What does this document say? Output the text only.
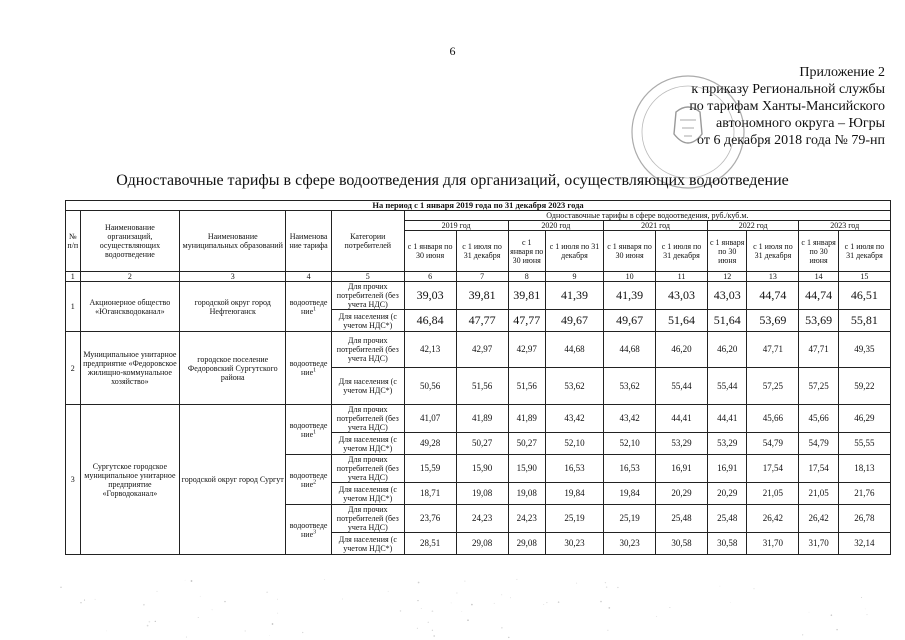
6
Приложение 2
к приказу Региональной службы
по тарифам Ханты-Мансийского
автономного округа – Югры
от 6 декабря 2018 года № 79-нп
Одноставочные тарифы в сфере водоотведения для организаций, осуществляющих водоотведение
На период с 1 января 2019 года по 31 декабря 2023 года														
№ п/п	Наименование организаций, осуществляющих водоотведение	Наименование муниципальных образований	Наименова ние тарифа	Категории потребителей	Одноставочные тарифы в сфере водоотведения, руб./куб.м.									
					2019 год		2020 год		2021 год		2022 год		2023 год	
					с 1 января по 30 июня	с 1 июля по 31 декабря	с 1 января по 30 июня	с 1 июля по 31 декабря	с 1 января по 30 июня	с 1 июля по 31 декабря	с 1 января по 30 июня	с 1 июля по 31 декабря	с 1 января по 30 июня	с 1 июля по 31 декабря
1	2	3	4	5	6	7	8	9	10	11	12	13	14	15
1	Акционерное общество «Юганскводоканал»	городской округ город Нефтеюганск	водоотведе ние$^1$	Для прочих потребителей (без учета НДС)	39,03	39,81	39,81	41,39	41,39	43,03	43,03	44,74	44,74	46,51
				Для населения (с учетом НДС*)	46,84	47,77	47,77	49,67	49,67	51,64	51,64	53,69	53,69	55,81
2	Муниципальное унитарное предприятие «Федоровское жилищно-коммунальное хозяйство»	городское поселение Федоровский Сургутского района	водоотведе ние$^1$	Для прочих потребителей (без учета НДС)	42,13	42,97	42,97	44,68	44,68	46,20	46,20	47,71	47,71	49,35
				Для населения (с учетом НДС*)	50,56	51,56	51,56	53,62	53,62	55,44	55,44	57,25	57,25	59,22
3	Сургутское городское муниципальное унитарное предприятие «Горводоканал»	городской округ город Сургут	водоотведе ние$^1$	Для прочих потребителей (без учета НДС)	41,07	41,89	41,89	43,42	43,42	44,41	44,41	45,66	45,66	46,29
				Для населения (с учетом НДС*)	49,28	50,27	50,27	52,10	52,10	53,29	53,29	54,79	54,79	55,55
			водоотведе ние$^2$	Для прочих потребителей (без учета НДС)	15,59	15,90	15,90	16,53	16,53	16,91	16,91	17,54	17,54	18,13
				Для населения (с учетом НДС*)	18,71	19,08	19,08	19,84	19,84	20,29	20,29	21,05	21,05	21,76
			водоотведе ние$^3$	Для прочих потребителей (без учета НДС)	23,76	24,23	24,23	25,19	25,19	25,48	25,48	26,42	26,42	26,78
				Для населения (с учетом НДС*)	28,51	29,08	29,08	30,23	30,23	30,58	30,58	31,70	31,70	32,14
